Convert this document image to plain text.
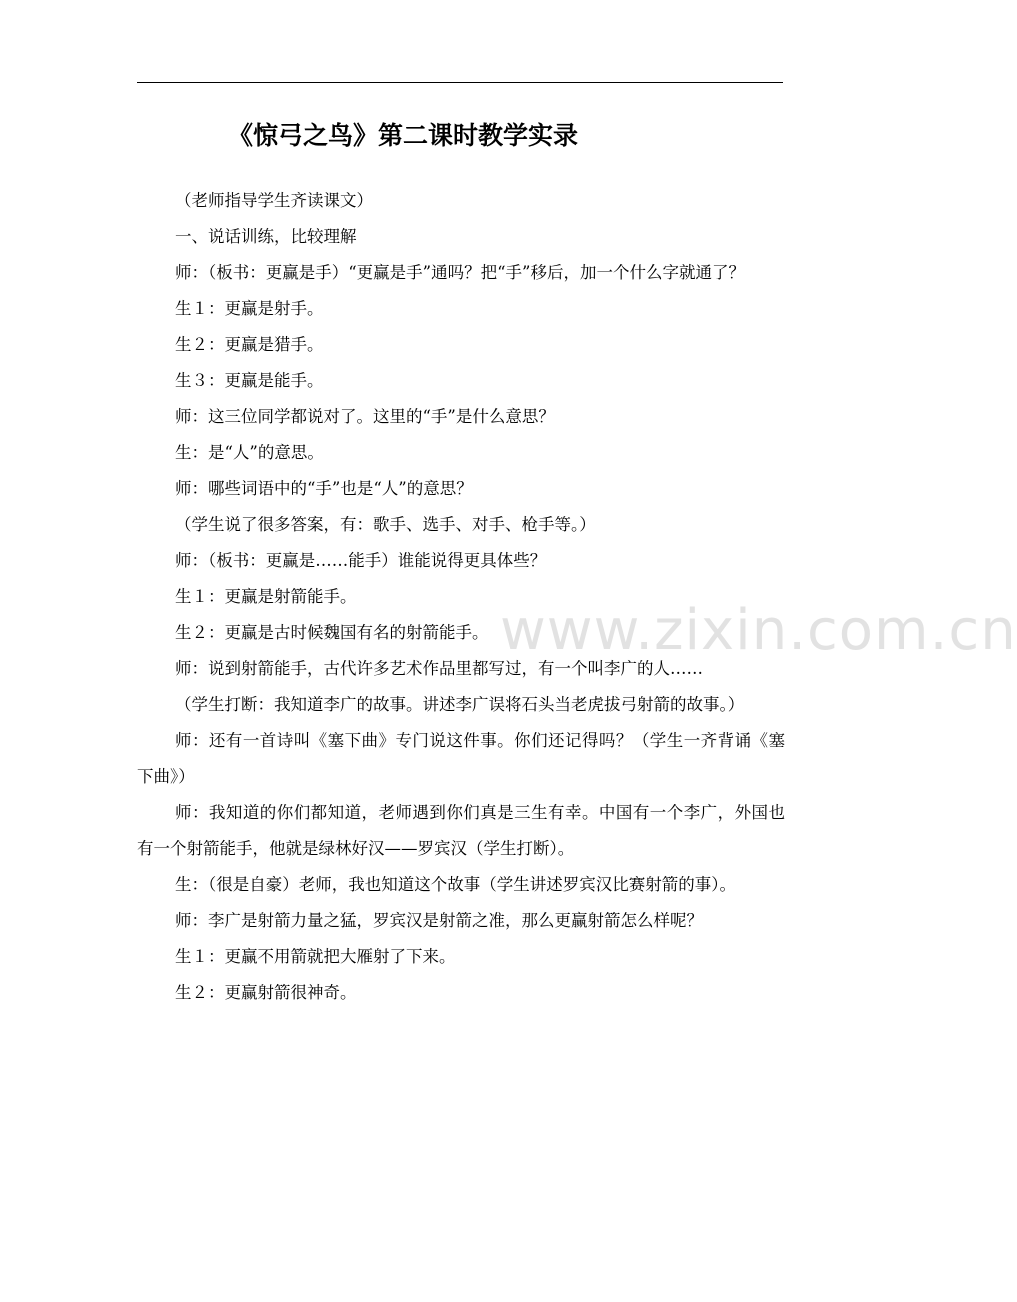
《惊弓之鸟》第二课时教学实录

（老师指导学生齐读课文）

一、说话训练，比较理解

师：（板书：更赢是手）“更赢是手”通吗？把“手”移后，加一个什么字就通了？

生１：更赢是射手。

生２：更赢是猎手。

生３：更赢是能手。

师：这三位同学都说对了。这里的“手”是什么意思？

生：是“人”的意思。

师：哪些词语中的“手”也是“人”的意思？

（学生说了很多答案，有：歌手、选手、对手、枪手等。）

师：（板书：更赢是……能手）谁能说得更具体些？

生１：更赢是射箭能手。

生２：更赢是古时候魏国有名的射箭能手。

师：说到射箭能手，古代许多艺术作品里都写过，有一个叫李广的人……

（学生打断：我知道李广的故事。讲述李广误将石头当老虎拔弓射箭的故事。）

师：还有一首诗叫《塞下曲》专门说这件事。你们还记得吗？（学生一齐背诵《塞下曲》）

师：我知道的你们都知道，老师遇到你们真是三生有幸。中国有一个李广，外国也有一个射箭能手，他就是绿林好汉——罗宾汉（学生打断）。

生：（很是自豪）老师，我也知道这个故事（学生讲述罗宾汉比赛射箭的事）。

师：李广是射箭力量之猛，罗宾汉是射箭之准，那么更赢射箭怎么样呢？

生１：更赢不用箭就把大雁射了下来。

生２：更赢射箭很神奇。

www.zixin.com.cn
